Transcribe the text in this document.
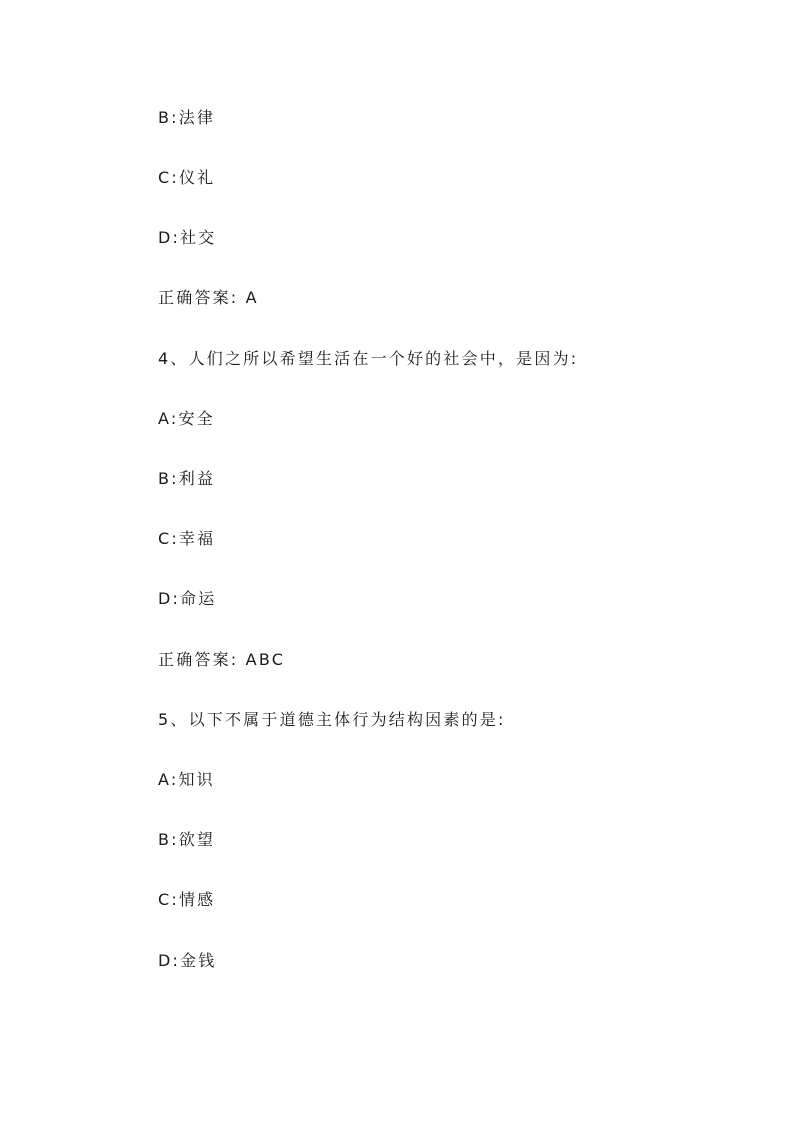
B:法律
C:仪礼
D:社交
正确答案: A
4、人们之所以希望生活在一个好的社会中，是因为:
A:安全
B:利益
C:幸福
D:命运
正确答案: ABC
5、以下不属于道德主体行为结构因素的是:
A:知识
B:欲望
C:情感
D:金钱
